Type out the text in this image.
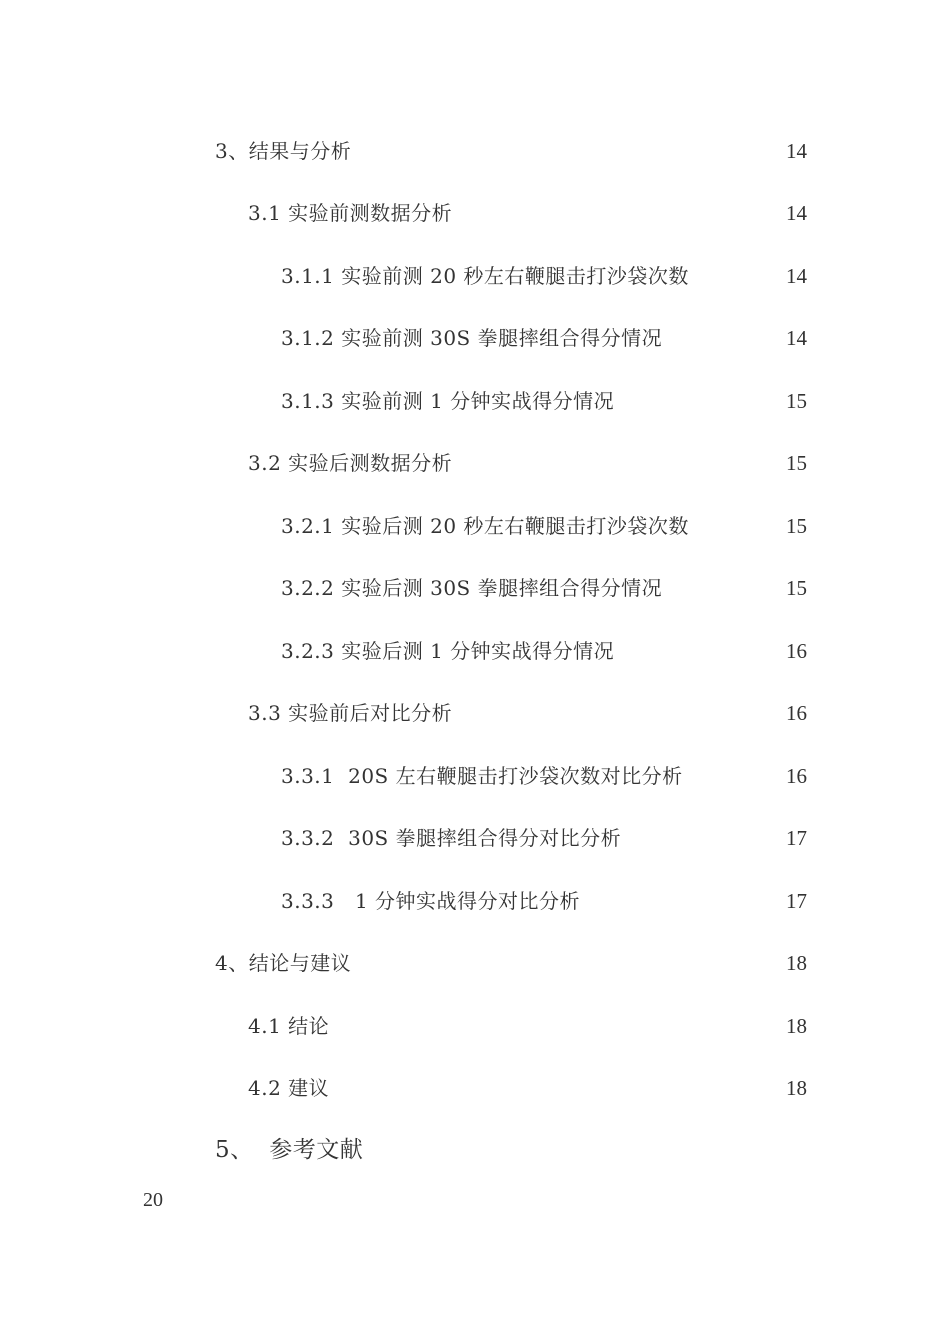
3、结果与分析	14
3.1 实验前测数据分析	14
3.1.1 实验前测 20 秒左右鞭腿击打沙袋次数	14
3.1.2 实验前测 30S 拳腿摔组合得分情况	14
3.1.3 实验前测 1 分钟实战得分情况	15
3.2 实验后测数据分析	15
3.2.1 实验后测 20 秒左右鞭腿击打沙袋次数	15
3.2.2 实验后测 30S 拳腿摔组合得分情况	15
3.2.3 实验后测 1 分钟实战得分情况	16
3.3 实验前后对比分析	16
3.3.1  20S 左右鞭腿击打沙袋次数对比分析	16
3.3.2  30S 拳腿摔组合得分对比分析	17
3.3.3   1 分钟实战得分对比分析	17
4、结论与建议	18
4.1 结论	18
4.2 建议	18
5、  参考文献
20
